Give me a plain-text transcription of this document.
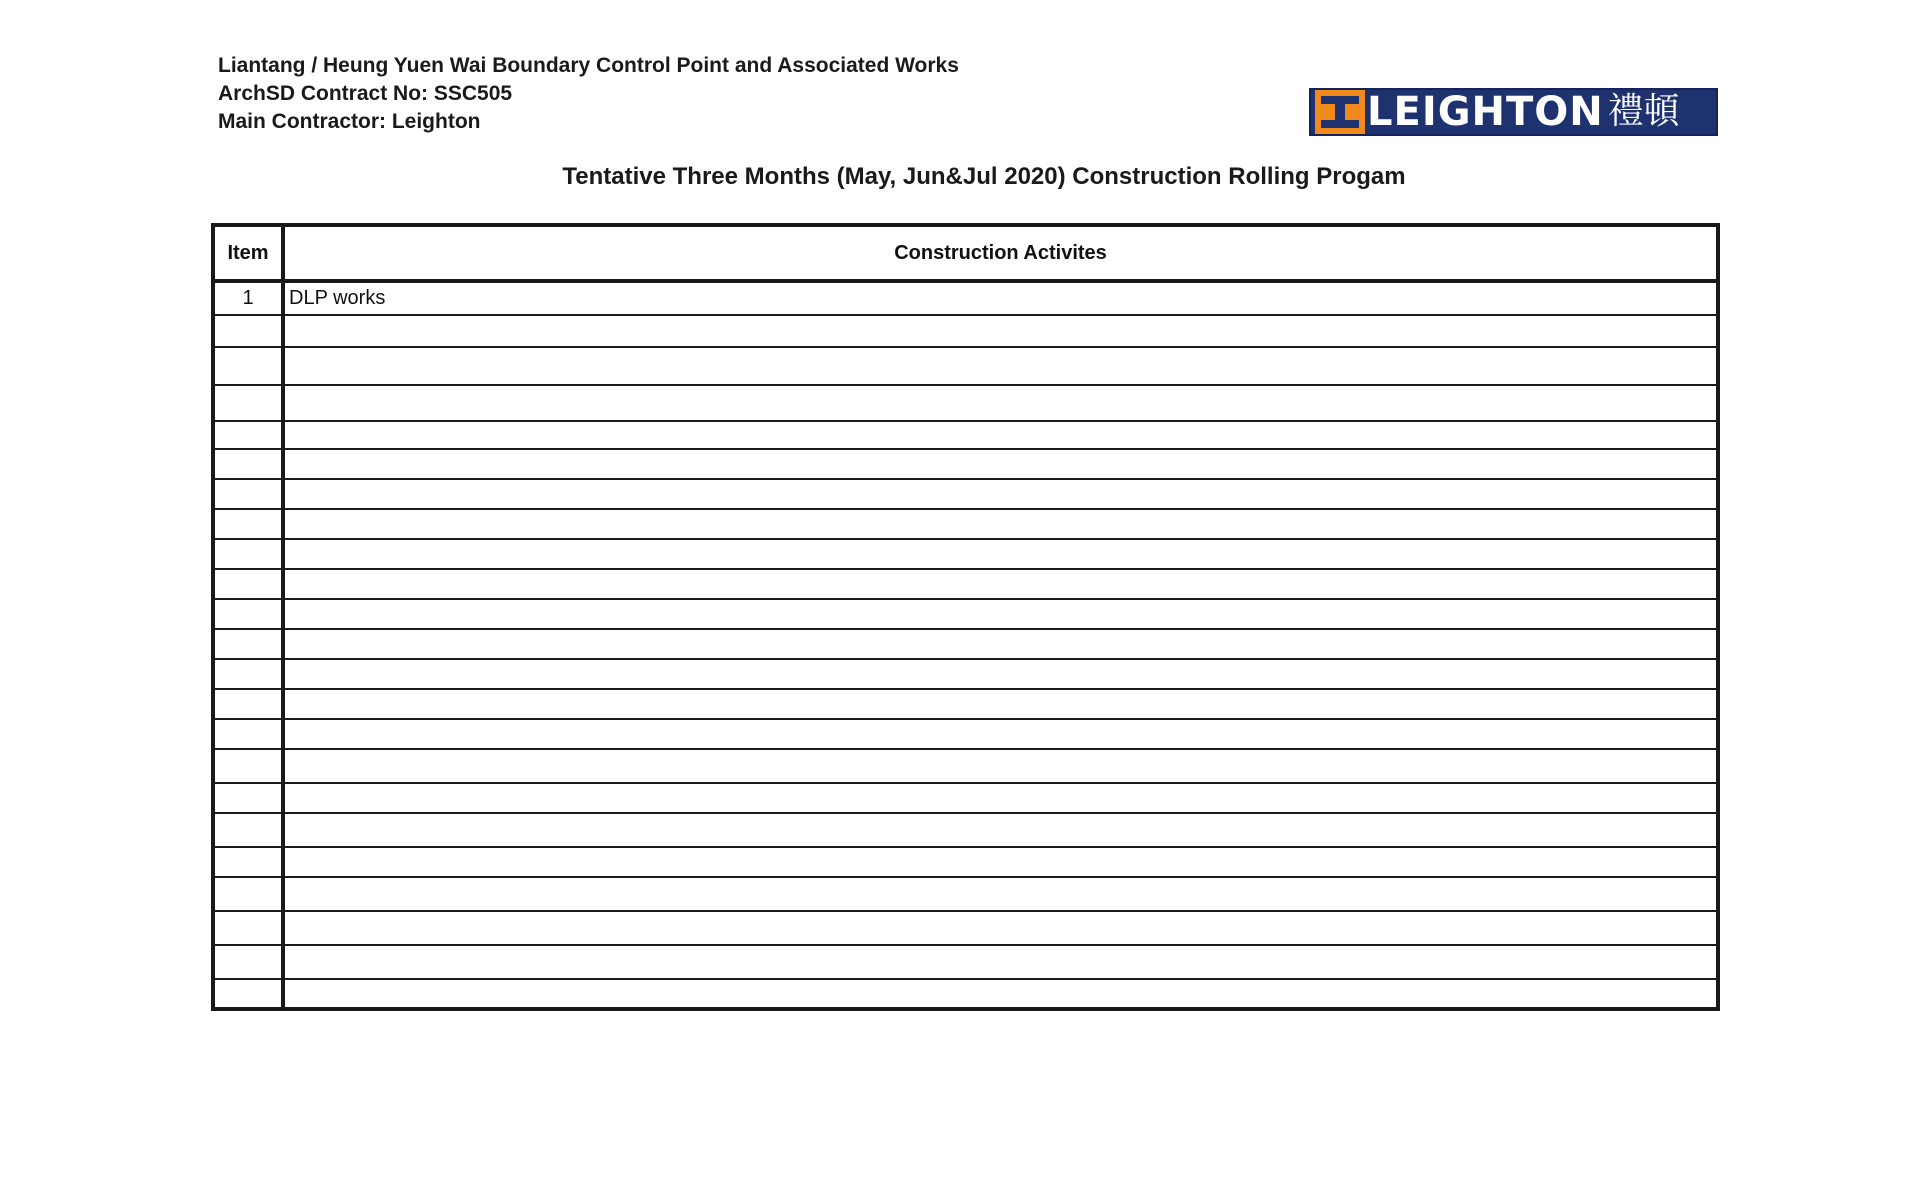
Liantang / Heung Yuen Wai Boundary Control Point and Associated Works
ArchSD Contract No: SSC505
Main Contractor: Leighton	LEIGHTON 禮頓
Tentative Three Months (May, Jun&Jul 2020) Construction Rolling Progam
Item	Construction Activites
1	DLP works
